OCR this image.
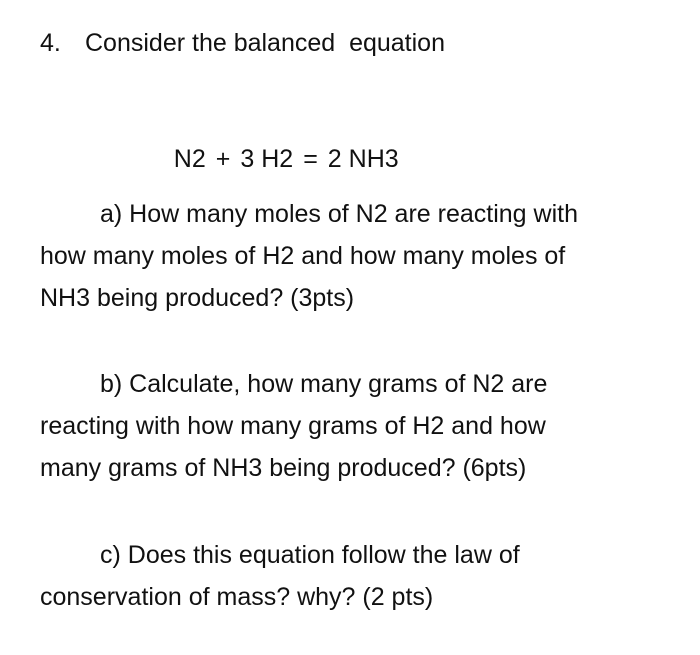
4. Consider the balanced  equation

N2 + 3 H2 = 2 NH3

a) How many moles of N2 are reacting with
how many moles of H2 and how many moles of
NH3 being produced? (3pts)
b) Calculate, how many grams of N2 are
reacting with how many grams of H2 and how
many grams of NH3 being produced? (6pts)
c) Does this equation follow the law of
conservation of mass? why? (2 pts)
